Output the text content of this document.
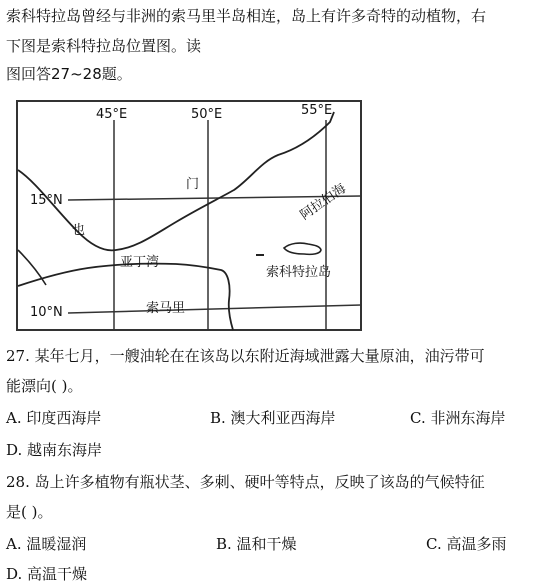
索科特拉岛曾经与非洲的索马里半岛相连，岛上有许多奇特的动植物，右
下图是索科特拉岛位置图。读
图回答27~28题。
45°E	50°E	55°E
15°N
10°N
门
也
亚丁湾
阿拉伯海
索科特拉岛
索马里
27. 某年七月，一艘油轮在在该岛以东附近海域泄露大量原油，油污带可
能漂向( )。
A. 印度西海岸	B. 澳大利亚西海岸	C. 非洲东海岸
D. 越南东海岸
28. 岛上许多植物有瓶状茎、多刺、硬叶等特点，反映了该岛的气候特征
是( )。
A. 温暖湿润	B. 温和干燥	C. 高温多雨
D. 高温干燥
